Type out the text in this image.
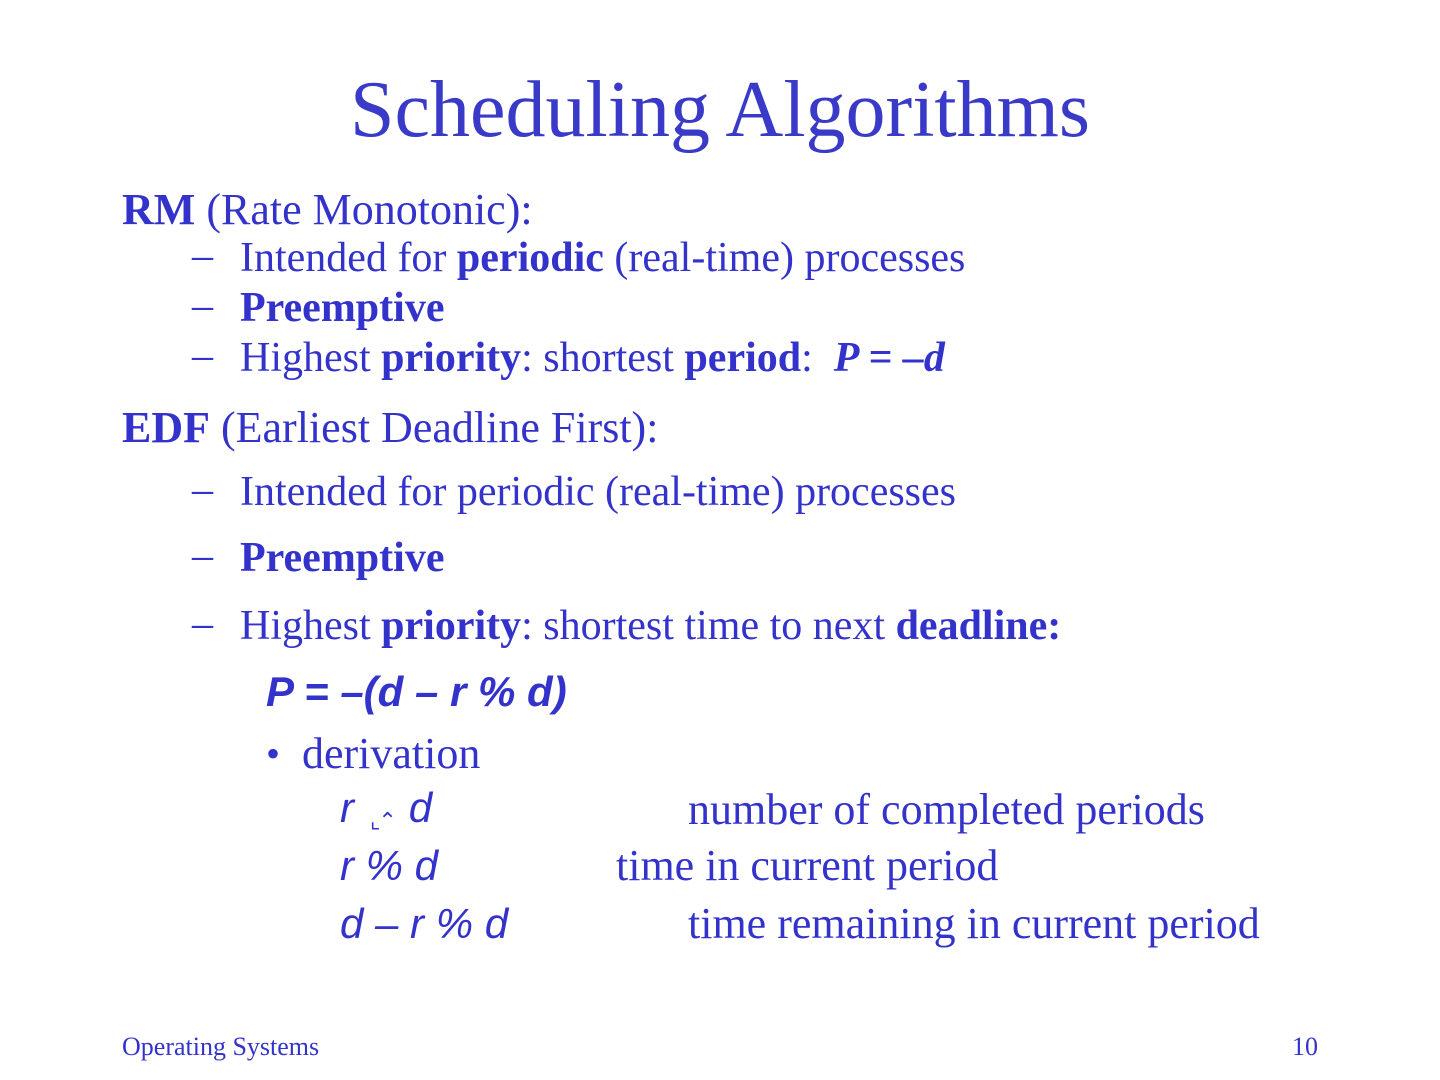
Scheduling Algorithms
RM (Rate Monotonic):
– Intended for periodic (real-time) processes
– Preemptive
– Highest priority: shortest period: P = –d
EDF (Earliest Deadline First):
– Intended for periodic (real-time) processes
– Preemptive
– Highest priority: shortest time to next deadline:
P = –(d – r % d)
• derivation
r ⌞⌃ d	number of completed periods
r % d	time in current period
d – r % d	time remaining in current period
Operating Systems	10
